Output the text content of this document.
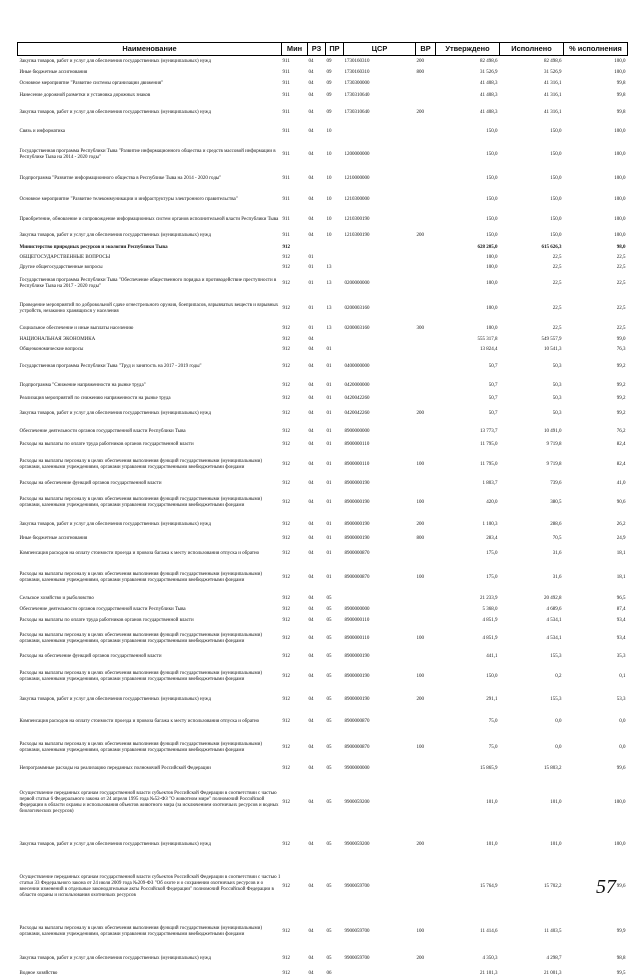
Наименование	Мин	РЗ	ПР	ЦСР	ВР	Утверждено	Исполнено	% исполнения
Закупка товаров, работ и услуг для обеспечения государственных (муниципальных) нужд	911	04	09	1730160310	200	82 498,6	82 498,6	100,0
Иные бюджетные ассигнования	911	04	09	1730160310	800	31 526,9	31 526,9	100,0
Основное мероприятие "Развитие системы организации движения"	911	04	09	1730300000		41 408,3	41 316,1	99,8
Нанесение дорожной разметки и установка дорожных знаков	911	04	09	1730310640		41 408,3	41 316,1	99,8
Закупка товаров, работ и услуг для обеспечения государственных (муниципальных) нужд	911	04	09	1730310640	200	41 408,3	41 316,1	99,8
Связь и информатика	911	04	10			150,0	150,0	100,0
Государственная программа Республики Тыва "Развитие информационного общества и средств массовой информации в Республике Тыва на 2014 - 2020 годы"	911	04	10	1200000000		150,0	150,0	100,0
Подпрограмма "Развитие информационного общества в Республике Тыва на 2014 - 2020 годы"	911	04	10	1210000000		150,0	150,0	100,0
Основное мероприятие "Развитие телекоммуникации и инфраструктуры электронного правительства"	911	04	10	1210300000		150,0	150,0	100,0
Приобретение, обновление и сопровождение информационных систем органов исполнительной власти Республики Тыва	911	04	10	1210300190		150,0	150,0	100,0
Закупка товаров, работ и услуг для обеспечения государственных (муниципальных) нужд	911	04	10	1210300190	200	150,0	150,0	100,0
Министерство природных ресурсов и экологии Республики Тыва	912					628 205,0	615 626,3	98,0
ОБЩЕГОСУДАРСТВЕННЫЕ ВОПРОСЫ	912	01				100,0	22,5	22,5
Другие общегосударственные вопросы	912	01	13			100,0	22,5	22,5
Государственная программа Республики Тыва "Обеспечение общественного порядка и противодействие преступности в Республике Тыва на 2017 - 2020 годы"	912	01	13	0200000000		100,0	22,5	22,5
Проведение мероприятий по добровольной сдаче огнестрельного оружия, боеприпасов, взрывчатых веществ и взрывных устройств, незаконно хранящихся у населения	912	01	13	0200003160		100,0	22,5	22,5
Социальное обеспечение и иные выплаты населению	912	01	13	0200003160	300	100,0	22,5	22,5
НАЦИОНАЛЬНАЯ ЭКОНОМИКА	912	04				555 317,8	549 557,9	99,0
Общеэкономические вопросы	912	04	01			13 824,4	10 541,3	76,3
Государственная программа Республики Тыва "Труд и занятость на 2017 - 2019 годы"	912	04	01	0400000000		50,7	50,3	99,2
Подпрограмма "Снижение напряженности на рынке труда"	912	04	01	0420000000		50,7	50,3	99,2
Реализация мероприятий по снижению напряженности на рынке труда	912	04	01	0420042260		50,7	50,3	99,2
Закупка товаров, работ и услуг для обеспечения государственных (муниципальных) нужд	912	04	01	0420042260	200	50,7	50,3	99,2
Обеспечение деятельности органов государственной власти Республики Тыва	912	04	01	8900000000		13 773,7	10 491,0	76,2
Расходы на выплаты по оплате труда работников органов государственной власти	912	04	01	8900000110		11 795,0	9 719,8	82,4
Расходы на выплаты персоналу в целях обеспечения выполнения функций государственными (муниципальными) органами, казенными учреждениями, органами управления государственными внебюджетными фондами	912	04	01	8900000110	100	11 795,0	9 719,8	82,4
Расходы на обеспечение функций органов государственной власти	912	04	01	8900000190		1 803,7	739,6	41,0
Расходы на выплаты персоналу в целях обеспечения выполнения функций государственными (муниципальными) органами, казенными учреждениями, органами управления государственными внебюджетными фондами	912	04	01	8900000190	100	420,0	380,5	90,6
Закупка товаров, работ и услуг для обеспечения государственных (муниципальных) нужд	912	04	01	8900000190	200	1 100,3	288,6	26,2
Иные бюджетные ассигнования	912	04	01	8900000190	800	283,4	70,5	24,9
Компенсация расходов на оплату стоимости проезда и провоза багажа к месту использования отпуска и обратно	912	04	01	8900000870		175,0	31,6	18,1
Расходы на выплаты персоналу в целях обеспечения выполнения функций государственными (муниципальными) органами, казенными учреждениями, органами управления государственными внебюджетными фондами	912	04	01	8900000870	100	175,0	31,6	18,1
Сельское хозяйство и рыболовство	912	04	05			21 233,9	20 492,8	96,5
Обеспечение деятельности органов государственной власти Республики Тыва	912	04	05	8900000000		5 368,0	4 689,6	87,4
Расходы на выплаты по оплате труда работников органов государственной власти	912	04	05	8900000110		4 851,9	4 534,1	93,4
Расходы на выплаты персоналу в целях обеспечения выполнения функций государственными (муниципальными) органами, казенными учреждениями, органами управления государственными внебюджетными фондами	912	04	05	8900000110	100	4 851,9	4 534,1	93,4
Расходы на обеспечение функций органов государственной власти	912	04	05	8900000190		441,1	155,3	35,3
Расходы на выплаты персоналу в целях обеспечения выполнения функций государственными (муниципальными) органами, казенными учреждениями, органами управления государственными внебюджетными фондами	912	04	05	8900000190	100	150,0	0,2	0,1
Закупка товаров, работ и услуг для обеспечения государственных (муниципальных) нужд	912	04	05	8900000190	200	291,1	155,3	53,3
Компенсация расходов на оплату стоимости проезда и провоза багажа к месту использования отпуска и обратно	912	04	05	8900000870		75,0	0,0	0,0
Расходы на выплаты персоналу в целях обеспечения выполнения функций государственными (муниципальными) органами, казенными учреждениями, органами управления государственными внебюджетными фондами	912	04	05	8900000870	100	75,0	0,0	0,0
Непрограммные расходы на реализацию переданных полномочий Российской Федерации	912	04	05	9900000000		15 865,9	15 803,2	99,6
Осуществление переданных органам государственной власти субъектов Российской Федерации в соответствии с частью первой статьи 6 Федерального закона от 24 апреля 1995 года №52-ФЗ "О животном мире" полномочий Российской Федерации в области охраны и использования объектов животного мира (за исключением охотничьих ресурсов и водных биологических ресурсов)	912	04	05	9900059200		101,0	101,0	100,0
Закупка товаров, работ и услуг для обеспечения государственных (муниципальных) нужд	912	04	05	9900059200	200	101,0	101,0	100,0
Осуществление переданных органам государственной власти субъектов Российской Федерации в соответствии с частью 1 статьи 33 Федерального закона от 24 июля 2009 года №209-ФЗ "Об охоте и о сохранении охотничьих ресурсов и о внесении изменений в отдельные законодательные акты Российской Федерации" полномочий Российской Федерации в области охраны и использования охотничьих ресурсов	912	04	05	9900059700		15 764,9	15 702,2	99,6
Расходы на выплаты персоналу в целях обеспечения выполнения функций государственными (муниципальными) органами, казенными учреждениями, органами управления государственными внебюджетными фондами	912	04	05	9900059700	100	11 414,6	11 403,5	99,9
Закупка товаров, работ и услуг для обеспечения государственных (муниципальных) нужд	912	04	05	9900059700	200	4 350,3	4 298,7	98,8
Водное хозяйство	912	04	06			21 101,3	21 001,3	99,5
57
